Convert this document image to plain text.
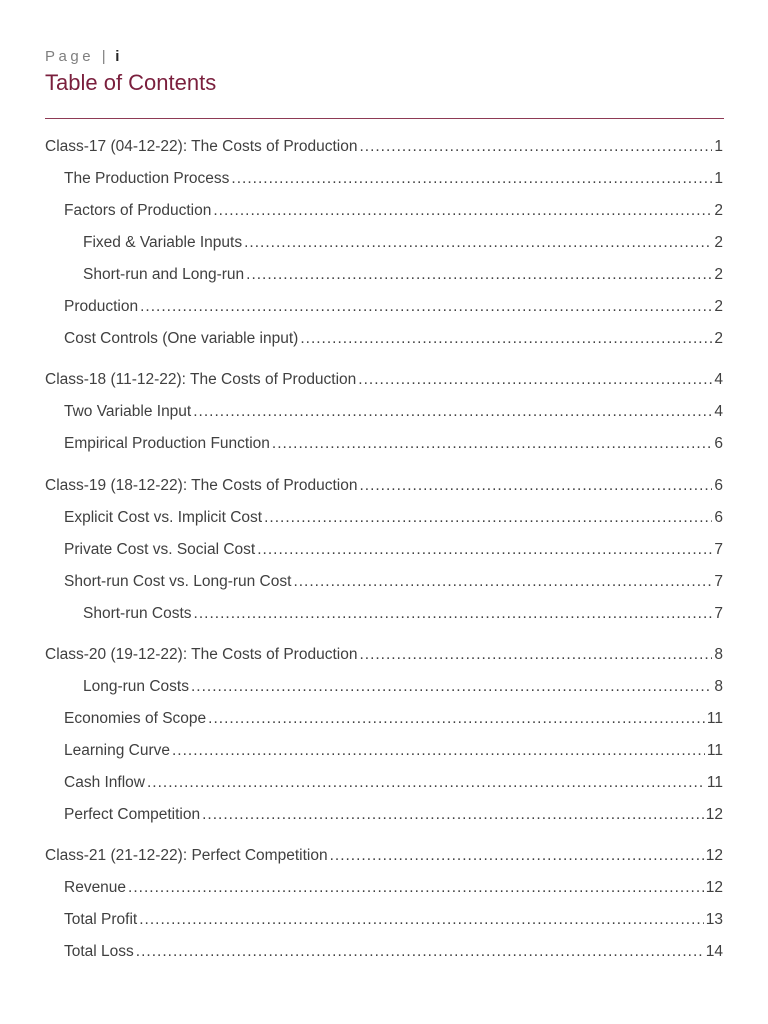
Page | i
Table of Contents
Class-17 (04-12-22): The Costs of Production .....	1
The Production Process .....	1
Factors of Production .....	2
Fixed & Variable Inputs .....	2
Short-run and Long-run .....	2
Production .....	2
Cost Controls (One variable input) .....	2
Class-18 (11-12-22): The Costs of Production .....	4
Two Variable Input .....	4
Empirical Production Function .....	6
Class-19 (18-12-22): The Costs of Production .....	6
Explicit Cost vs. Implicit Cost .....	6
Private Cost vs. Social Cost .....	7
Short-run Cost vs. Long-run Cost .....	7
Short-run Costs .....	7
Class-20 (19-12-22): The Costs of Production .....	8
Long-run Costs .....	8
Economies of Scope .....	11
Learning Curve .....	11
Cash Inflow .....	11
Perfect Competition .....	12
Class-21 (21-12-22): Perfect Competition .....	12
Revenue .....	12
Total Profit .....	13
Total Loss .....	14
